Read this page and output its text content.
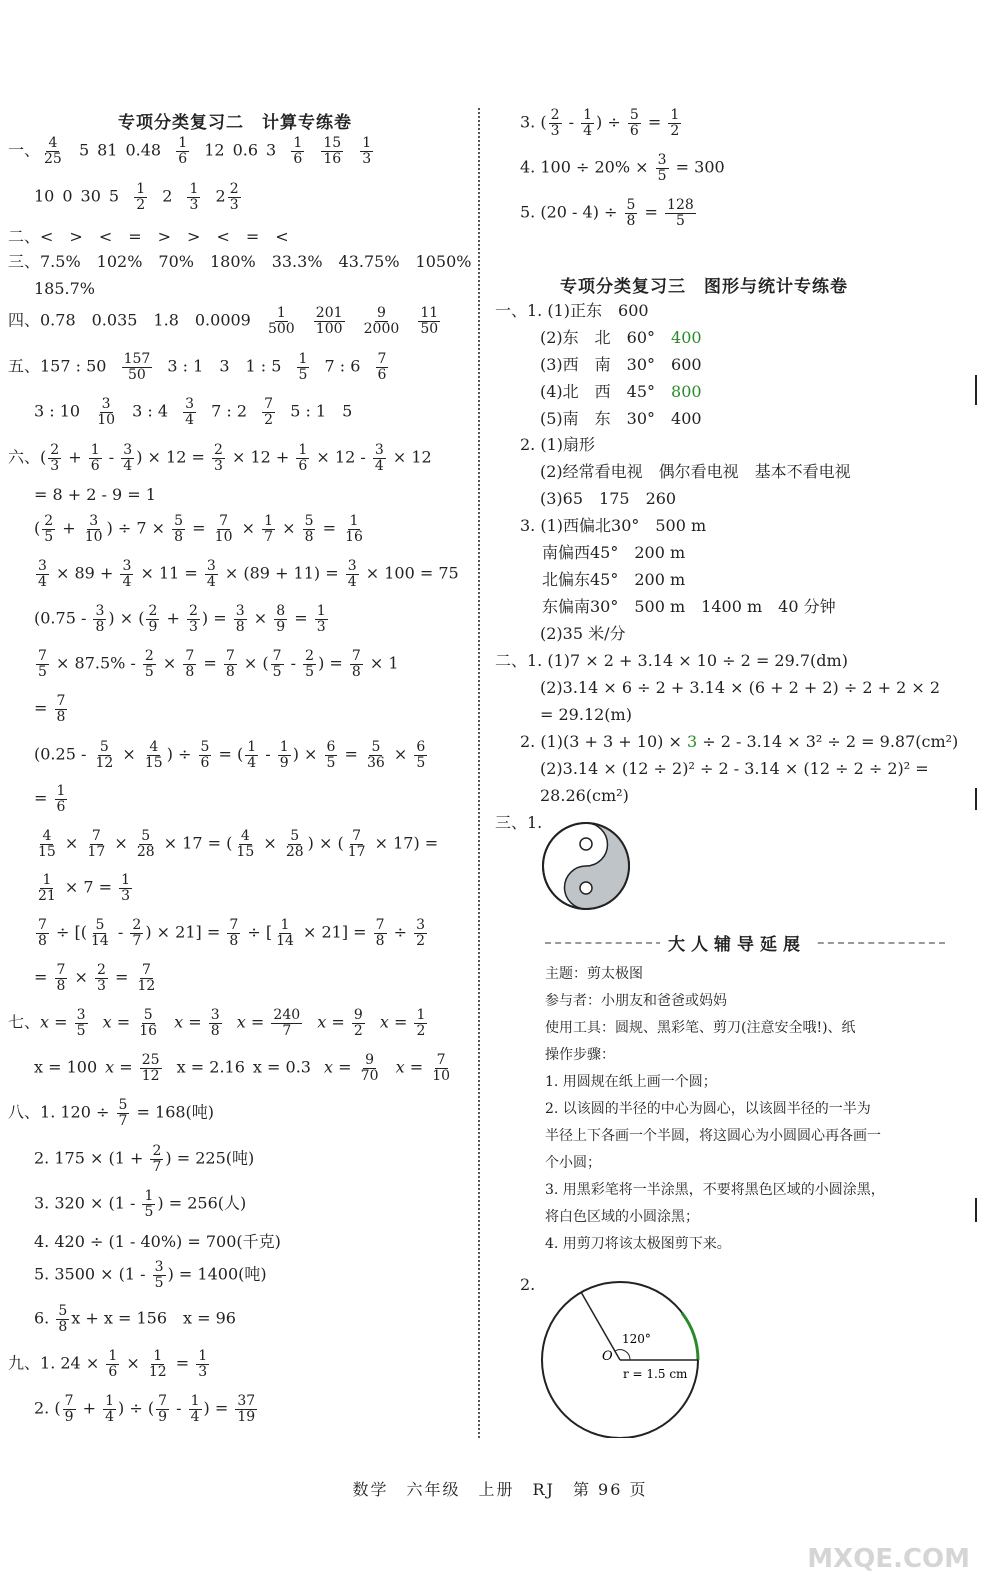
专项分类复习二　计算专练卷
一、 $\frac{4}{25} 5$ 81 $0.48 \frac{1}{6} 12$ 0.6 $3 \frac{1}{6}$
$\frac{15}{16}$
$\frac{1}{3}$
10 0 30 $5 \frac{1}{2} 2 \frac{1}{3} 2 \frac{2}{3}$
二、<　>　<　=　>　>　<　=　<
三、7.5%　102%　70%　180%　33.3%　43.75%　1050%
185.7%
四、0.78　0.035　1.8　$0.0009 \frac{1}{500}$
$\frac{201}{100}$
$\frac{9}{2000}$
$\frac{11}{50}$
五、157 : $50 \frac{157}{50} 3$ : 1　3　1 : $5 \frac{1}{5} 7$ : $6 \frac{7}{6}$
3 : $10 \frac{3}{10} 3$ : $4 \frac{3}{4} 7$ : $2 \frac{7}{2} 5$ : 1　5
六、( $\frac{2}{3} + \frac{1}{6} - \frac{3}{4}$ ) × $12 = \frac{2}{3} \times 12 + \frac{1}{6} \times 12 - \frac{3}{4} \times 12$
= 8 + 2 - 9 = 1
( $\frac{2}{5} + \frac{3}{10}$ ) ÷ $7 \times \frac{5}{8} = \frac{7}{10} \times \frac{1}{7} \times \frac{5}{8} = \frac{1}{16}$
$\frac{3}{4} \times 89 + \frac{3}{4} \times 11 = \frac{3}{4} \times (89 + 11) = \frac{3}{4} \times 100 = 75$
($0.75 - \frac{3}{8}$ ) × ( $\frac{2}{9} + \frac{2}{3}$ ) = $\frac{3}{8} \times \frac{8}{9} = \frac{1}{3}$
$\frac{7}{5} \times 87.5\% - \frac{2}{5} \times \frac{7}{8} = \frac{7}{8}$ × ( $\frac{7}{5} - \frac{2}{5}$ ) = $\frac{7}{8} \times 1$
= $\frac{7}{8}$
($0.25 - \frac{5}{12} \times \frac{4}{15}$ ) ÷ $\frac{5}{6}$ = ( $\frac{1}{4} - \frac{1}{9}$ ) × $\frac{6}{5} = \frac{5}{36} \times \frac{6}{5}$
= $\frac{1}{6}$
$\frac{4}{15} \times \frac{7}{17} \times \frac{5}{28} \times 17$ = ( $\frac{4}{15} \times \frac{5}{28}$ ) × ( $\frac{7}{17} \times 17$) =
$\frac{1}{21} \times 7 = \frac{1}{3}$
$\frac{7}{8}$ ÷ [( $\frac{5}{14} - \frac{2}{7}$ ) × $21] = \frac{7}{8}$ ÷ [ $\frac{1}{14} \times 21] = \frac{7}{8} \div \frac{3}{2}$
= $\frac{7}{8} \times \frac{2}{3} = \frac{7}{12}$
七、$x = \frac{3}{5}$ $x = \frac{5}{16}$ $x = \frac{3}{8}$ $x = \frac{240}{7}$ $x = \frac{9}{2}$ $x = \frac{1}{2}$
x = 100 $x = \frac{25}{12}$ x = 2.16 x = 0.3 $x = \frac{9}{70}$ $x = \frac{7}{10}$
八、1. $120 \div \frac{5}{7} = 168$(吨)
2. $175 \times (1 + \frac{2}{7}$ ) = 225(吨)
3. $320 \times (1 - \frac{1}{5}$ ) = 256(人)
4. 420 ÷ (1 - 40%) = 700(千克)
5. $3500 \times (1 - \frac{3}{5}$ ) = 1400(吨)
6. $\frac{5}{8}$ x + x = 156　x = 96
九、1. $24 \times \frac{1}{6} \times \frac{1}{12} = \frac{1}{3}$
2. ( $\frac{7}{9} + \frac{1}{4}$ ) ÷ ( $\frac{7}{9} - \frac{1}{4}$ ) = $\frac{37}{19}$
3. ( $\frac{2}{3} - \frac{1}{4}$ ) ÷ $\frac{5}{6} = \frac{1}{2}$
4. $100 \div 20\% \times \frac{3}{5} = 300$
5. $(20 - 4) \div \frac{5}{8} = \frac{128}{5}$
专项分类复习三　图形与统计专练卷
一、1. (1)正东　600
(2)东　北　60°　 400
(3)西　南　30°　600
(4)北　西　45°　 800
(5)南　东　30°　400
2. (1)扇形
(2)经常看电视　偶尔看电视　基本不看电视
(3)65　175　260
3. (1)西偏北30°　500 m
南偏西45°　200 m
北偏东45°　200 m
东偏南30°　500 m　1400 m　40 分钟
(2)35 米/分
二、1. (1)7 × 2 + 3.14 × 10 ÷ 2 = 29.7(dm)
(2)3.14 × 6 ÷ 2 + 3.14 × (6 + 2 + 2) ÷ 2 + 2 × 2
= 29.12(m)
2. (1)(3 + 3 + 10) × 3 ÷ 2 - 3.14 × 3² ÷ 2 = 9.87(cm²)
(2)3.14 × (12 ÷ 2)² ÷ 2 - 3.14 × (12 ÷ 2 ÷ 2)² =
28.26(cm²)
三、1.
大人辅导延展
主题：剪太极图
参与者：小朋友和爸爸或妈妈
使用工具：圆规、黑彩笔、剪刀(注意安全哦!)、纸
操作步骤：
1. 用圆规在纸上画一个圆；
2. 以该圆的半径的中心为圆心，以该圆半径的一半为
半径上下各画一个半圆，将这圆心为小圆圆心再各画一
个小圆；
3. 用黑彩笔将一半涂黑，不要将黑色区域的小圆涂黑，
将白色区域的小圆涂黑；
4. 用剪刀将该太极图剪下来。
2.
120°
O
r = 1.5 cm
数学　六年级　上册　RJ　第 96 页
MXQE.COM
